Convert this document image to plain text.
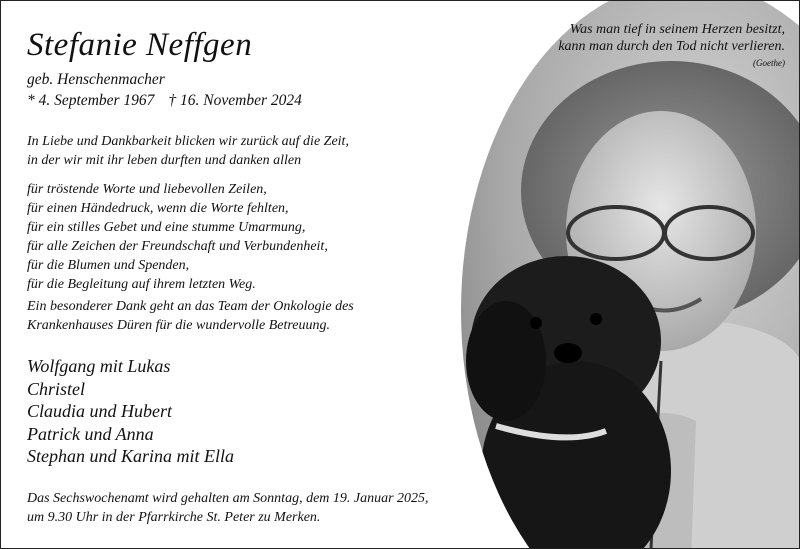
Was man tief in seinem Herzen besitzt,
kann man durch den Tod nicht verlieren.
(Goethe)
Stefanie Neffgen
geb. Henschenmacher
* 4. September 1967 † 16. November 2024
In Liebe und Dankbarkeit blicken wir zurück auf die Zeit,
in der wir mit ihr leben durften und danken allen
für tröstende Worte und liebevollen Zeilen,
für einen Händedruck, wenn die Worte fehlten,
für ein stilles Gebet und eine stumme Umarmung,
für alle Zeichen der Freundschaft und Verbundenheit,
für die Blumen und Spenden,
für die Begleitung auf ihrem letzten Weg.
Ein besonderer Dank geht an das Team der Onkologie des
Krankenhauses Düren für die wundervolle Betreuung.
Wolfgang mit Lukas
Christel
Claudia und Hubert
Patrick und Anna
Stephan und Karina mit Ella
Das Sechswochenamt wird gehalten am Sonntag, dem 19. Januar 2025,
um 9.30 Uhr in der Pfarrkirche St. Peter zu Merken.
